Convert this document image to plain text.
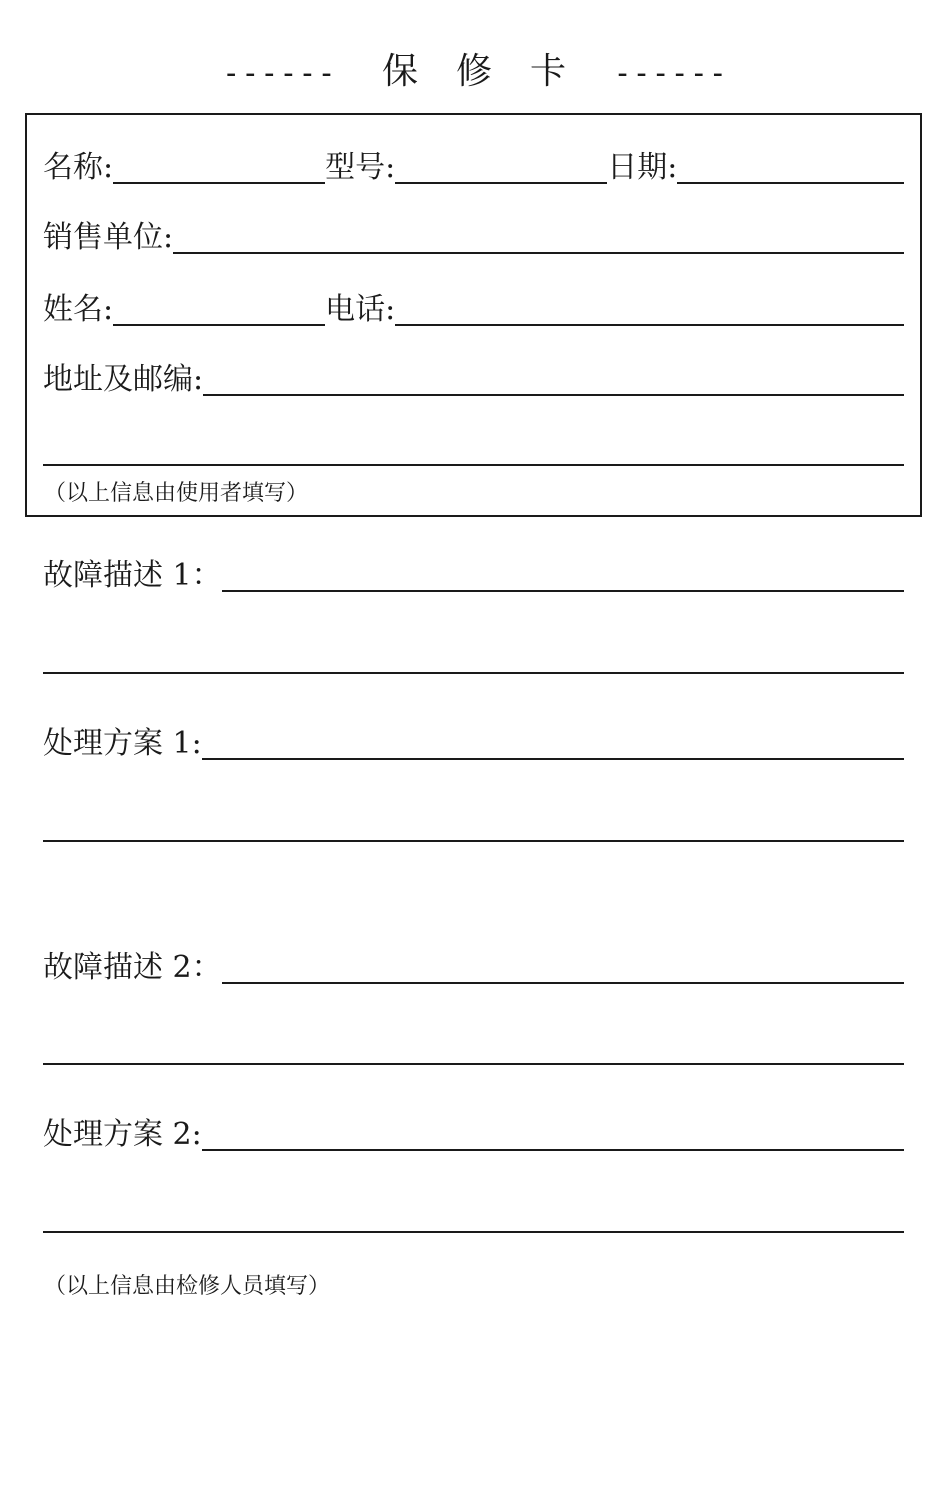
------ 保修卡 ------
名称:	型号:	日期:
销售单位:
姓名:	电话:
地址及邮编:
（以上信息由使用者填写）
故障描述 1：
处理方案 1:
故障描述 2：
处理方案 2:
（以上信息由检修人员填写）
